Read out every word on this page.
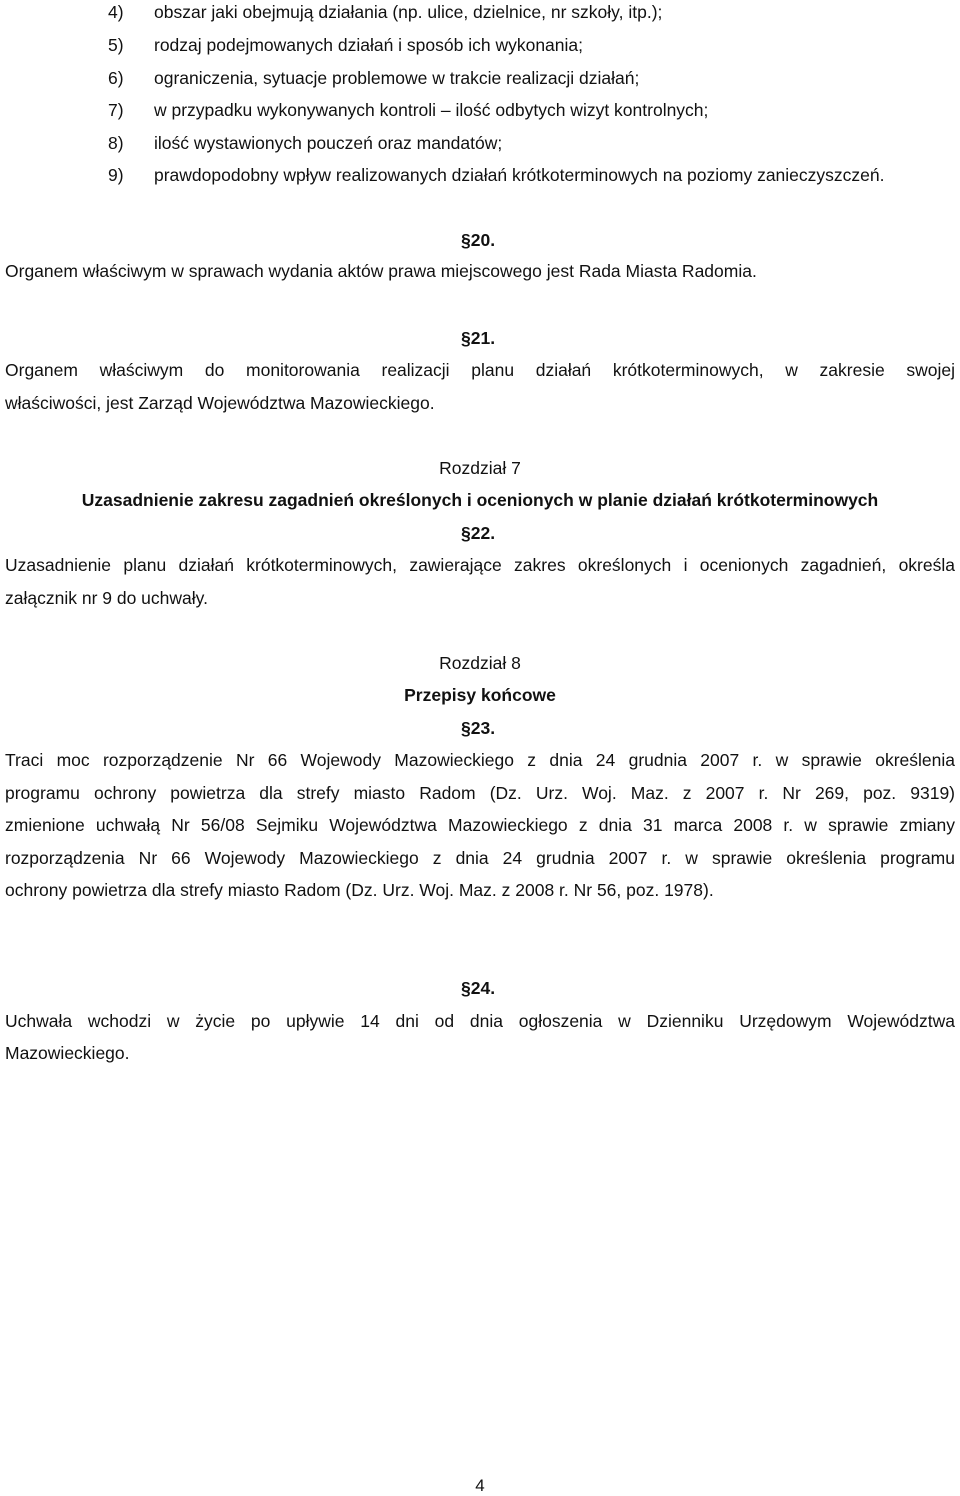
4) obszar jaki obejmują działania (np. ulice, dzielnice, nr szkoły, itp.);
5) rodzaj podejmowanych działań i sposób ich wykonania;
6) ograniczenia, sytuacje problemowe w trakcie realizacji działań;
7) w przypadku wykonywanych kontroli – ilość odbytych wizyt kontrolnych;
8) ilość wystawionych pouczeń oraz mandatów;
9) prawdopodobny wpływ realizowanych działań krótkoterminowych na poziomy zanieczyszczeń.
§20.
Organem właściwym w sprawach wydania aktów prawa miejscowego jest Rada Miasta Radomia.
§21.
Organem właściwym do monitorowania realizacji planu działań krótkoterminowych, w zakresie swojej
właściwości, jest Zarząd Województwa Mazowieckiego.
Rozdział 7
Uzasadnienie zakresu zagadnień określonych i ocenionych w planie działań krótkoterminowych
§22.
Uzasadnienie planu działań krótkoterminowych, zawierające zakres określonych i ocenionych zagadnień, określa
załącznik nr 9 do uchwały.
Rozdział 8
Przepisy końcowe
§23.
Traci moc rozporządzenie Nr 66 Wojewody Mazowieckiego z dnia 24 grudnia 2007 r. w sprawie określenia
programu ochrony powietrza dla strefy miasto Radom (Dz. Urz. Woj. Maz. z 2007 r. Nr 269, poz. 9319)
zmienione uchwałą Nr 56/08 Sejmiku Województwa Mazowieckiego z dnia 31 marca 2008 r. w sprawie zmiany
rozporządzenia Nr 66 Wojewody Mazowieckiego z dnia 24 grudnia 2007 r. w sprawie określenia programu
ochrony powietrza dla strefy miasto Radom (Dz. Urz. Woj. Maz. z 2008 r. Nr 56, poz. 1978).
§24.
Uchwała wchodzi w życie po upływie 14 dni od dnia ogłoszenia w Dzienniku Urzędowym Województwa
Mazowieckiego.
4
